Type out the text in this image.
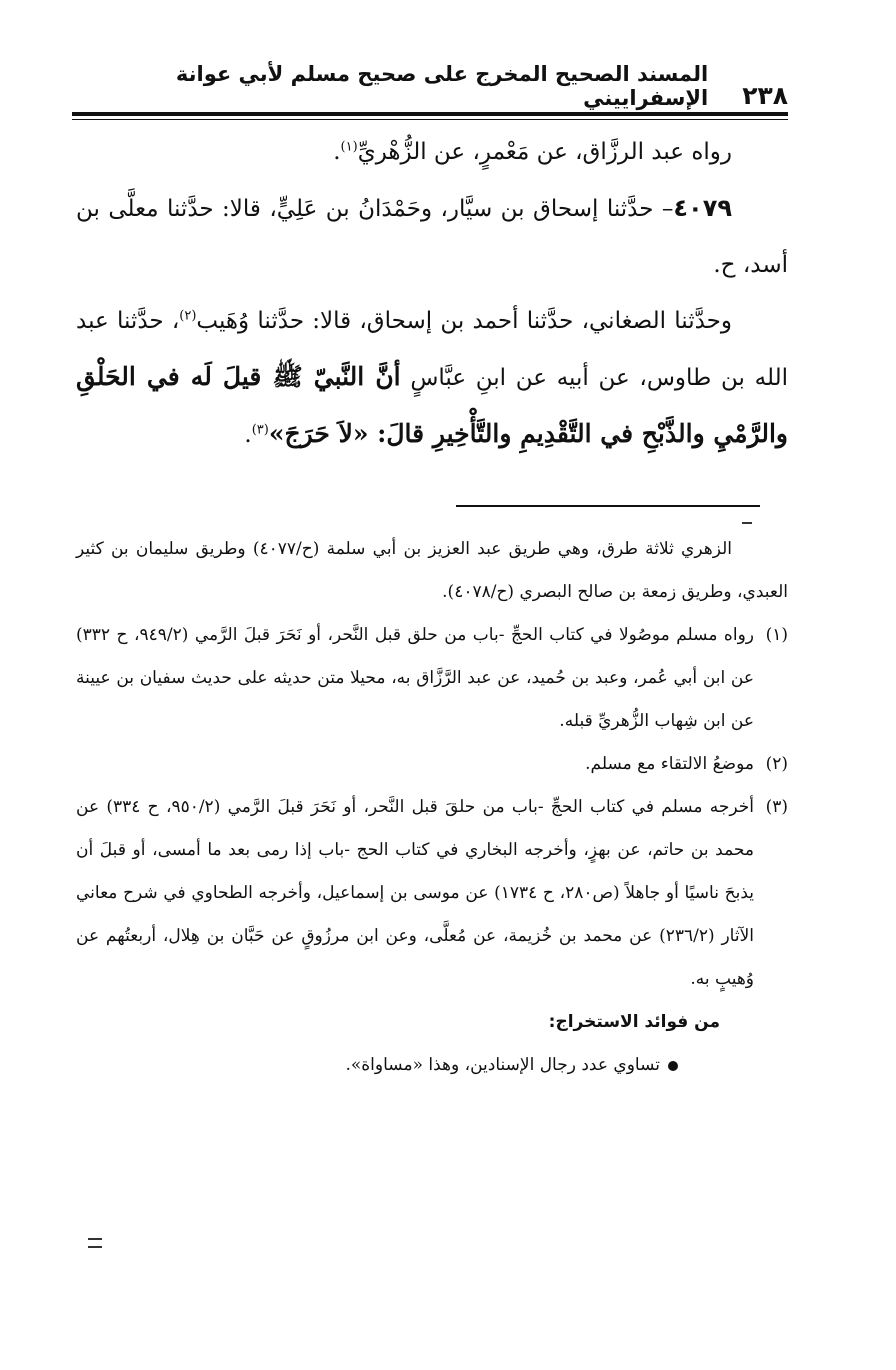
٢٣٨
المسند الصحيح المخرج على صحيح مسلم لأبي عوانة الإسفراييني

رواه عبد الرزَّاق، عن مَعْمرٍ، عن الزُّهْريِّ$^{(١)}$.

٤٠٧٩– حدَّثنا إسحاق بن سيَّار، وحَمْدَانُ بن عَلِيٍّ، قالا: حدَّثنا معلَّى بن أسد، ح.

وحدَّثنا الصغاني، حدَّثنا أحمد بن إسحاق، قالا: حدَّثنا وُهَيب$^{(٢)}$، حدَّثنا عبد الله بن طاوس، عن أبيه عن ابنِ عبَّاسٍ أنَّ النَّبيّ ﷺ قيلَ لَه في الحَلْقِ والرَّمْيِ والذَّبْحِ في التَّقْدِيمِ والتَّأْخِيرِ قالَ: «لاَ حَرَجَ»$^{(٣)}$.

الزهري ثلاثة طرق، وهي طريق عبد العزيز بن أبي سلمة (ح/٤٠٧٧) وطريق سليمان بن كثير العبدي، وطريق زمعة بن صالح البصري (ح/٤٠٧٨).

(١)رواه مسلم موصُولا في كتاب الحجِّ -باب من حلق قبل النَّحر، أو نَحَرَ قبلَ الرَّمي (٩٤٩/٢، ح ٣٣٢) عن ابن أبي عُمر، وعبد بن حُميد، عن عبد الرَّزَّاق به، محيلا متن حديثه على حديث سفيان بن عيينة عن ابن شِهاب الزُّهريِّ قبله.

(٢)موضعُ الالتقاء مع مسلم.

(٣)أخرجه مسلم في كتاب الحجِّ -باب من حلقَ قبل النَّحر، أو نَحَرَ قبلَ الرَّمي (٩٥٠/٢، ح ٣٣٤) عن محمد بن حاتم، عن بهزٍ، وأخرجه البخاري في كتاب الحج -باب إذا رمى بعد ما أمسى، أو قبلَ أن يذبحَ ناسيًا أو جاهلاً (ص٢٨٠، ح ١٧٣٤) عن موسى بن إسماعيل، وأخرجه الطحاوي في شرح معاني الآثار (٢٣٦/٢) عن محمد بن خُزيمة، عن مُعلَّى، وعن ابن مرزُوقٍ عن حَبَّان بن هِلال، أربعتُهم عن وُهيبٍ به.

من فوائد الاستخراج:

تساوي عدد رجال الإسنادين، وهذا «مساواة».
